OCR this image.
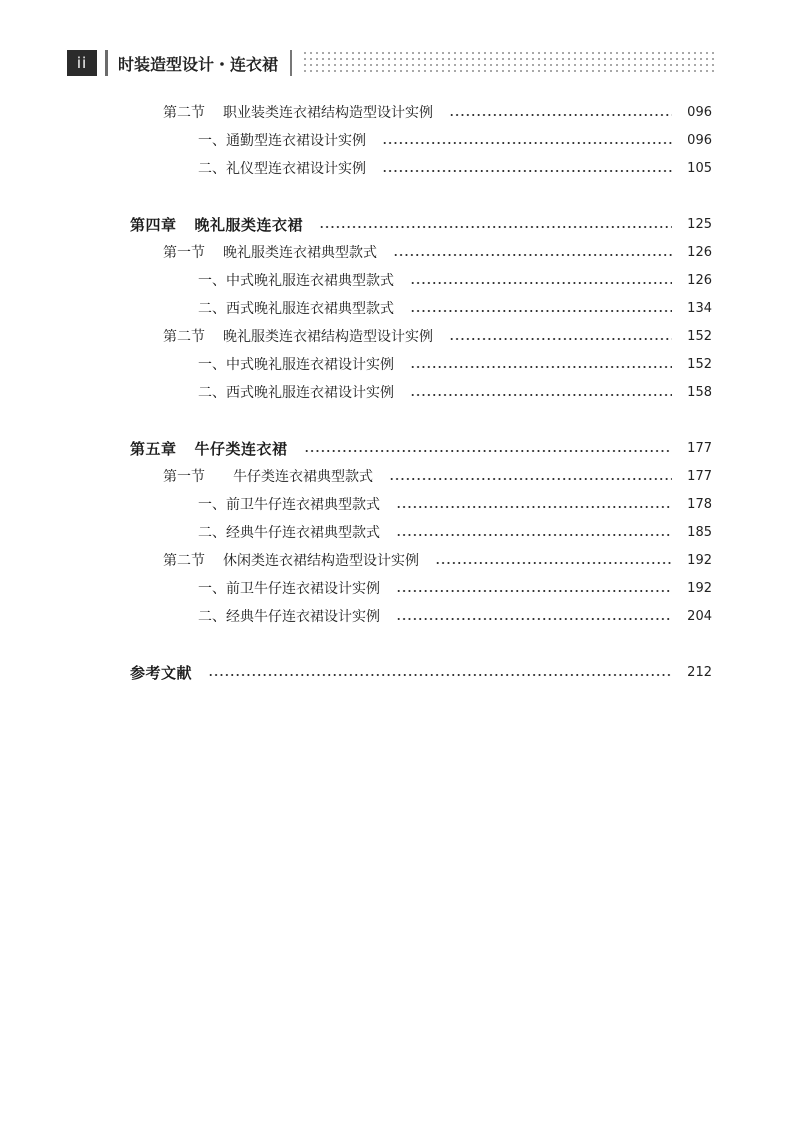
ii	时装造型设计・连衣裙
第二节 职业装类连衣裙结构造型设计实例	096
一、通勤型连衣裙设计实例	096
二、礼仪型连衣裙设计实例	105
第四章 晚礼服类连衣裙	125
第一节 晚礼服类连衣裙典型款式	126
一、中式晚礼服连衣裙典型款式	126
二、西式晚礼服连衣裙典型款式	134
第二节 晚礼服类连衣裙结构造型设计实例	152
一、中式晚礼服连衣裙设计实例	152
二、西式晚礼服连衣裙设计实例	158
第五章 牛仔类连衣裙	177
第一节 牛仔类连衣裙典型款式	177
一、前卫牛仔连衣裙典型款式	178
二、经典牛仔连衣裙典型款式	185
第二节 休闲类连衣裙结构造型设计实例	192
一、前卫牛仔连衣裙设计实例	192
二、经典牛仔连衣裙设计实例	204
参考文献	212
